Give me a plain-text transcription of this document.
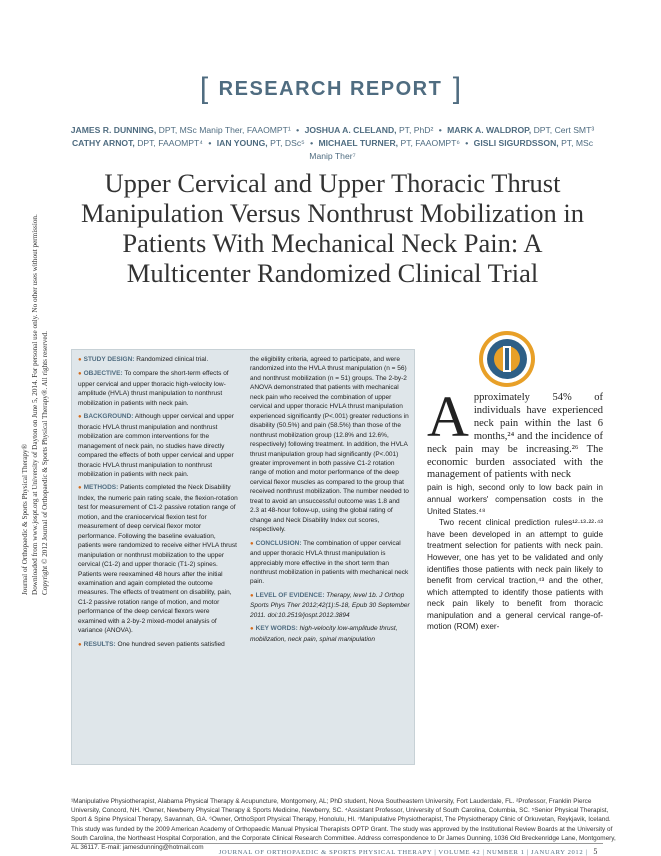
Journal of Orthopaedic & Sports Physical Therapy® Downloaded from www.jospt.org at University of Dayton on June 5, 2014. For personal use only. No other uses without permission. Copyright © 2012 Journal of Orthopaedic & Sports Physical Therapy®. All rights reserved.
[ RESEARCH REPORT ]
JAMES R. DUNNING, DPT, MSc Manip Ther, FAAOMPT¹ • JOSHUA A. CLELAND, PT, PhD² • MARK A. WALDROP, DPT, Cert SMT³
CATHY ARNOT, DPT, FAAOMPT⁴ • IAN YOUNG, PT, DSc⁵ • MICHAEL TURNER, PT, FAAOMPT⁶ • GISLI SIGURDSSON, PT, MSc Manip Ther⁷
Upper Cervical and Upper Thoracic Thrust Manipulation Versus Nonthrust Mobilization in Patients With Mechanical Neck Pain: A Multicenter Randomized Clinical Trial
● STUDY DESIGN: Randomized clinical trial.
● OBJECTIVE: To compare the short-term effects of upper cervical and upper thoracic high-velocity low-amplitude (HVLA) thrust manipulation to nonthrust mobilization in patients with neck pain.
● BACKGROUND: Although upper cervical and upper thoracic HVLA thrust manipulation and nonthrust mobilization are common interventions for the management of neck pain, no studies have directly compared the effects of both upper cervical and upper thoracic HVLA thrust manipulation to nonthrust mobilization in patients with neck pain.
● METHODS: Patients completed the Neck Disability Index, the numeric pain rating scale, the flexion-rotation test for measurement of C1-2 passive rotation range of motion, and the craniocervical flexion test for measurement of deep cervical flexor motor performance. Following the baseline evaluation, patients were randomized to receive either HVLA thrust manipulation or nonthrust mobilization to the upper cervical (C1-2) and upper thoracic (T1-2) spines. Patients were reexamined 48 hours after the initial examination and again completed the outcome measures. The effects of treatment on disability, pain, C1-2 passive rotation range of motion, and motor performance of the deep cervical flexors were examined with a 2-by-2 mixed-model analysis of variance (ANOVA).
● RESULTS: One hundred seven patients satisfied
the eligibility criteria, agreed to participate, and were randomized into the HVLA thrust manipulation (n = 56) and nonthrust mobilization (n = 51) groups. The 2-by-2 ANOVA demonstrated that patients with mechanical neck pain who received the combination of upper cervical and upper thoracic HVLA thrust manipulation experienced significantly (P<.001) greater reductions in disability (50.5%) and pain (58.5%) than those of the nonthrust mobilization group (12.8% and 12.6%, respectively) following treatment. In addition, the HVLA thrust manipulation group had significantly (P<.001) greater improvement in both passive C1-2 rotation range of motion and motor performance of the deep cervical flexor muscles as compared to the group that received nonthrust mobilization. The number needed to treat to avoid an unsuccessful outcome was 1.8 and 2.3 at 48-hour follow-up, using the global rating of change and Neck Disability Index cut scores, respectively.
● CONCLUSION: The combination of upper cervical and upper thoracic HVLA thrust manipulation is appreciably more effective in the short term than nonthrust mobilization in patients with mechanical neck pain.
● LEVEL OF EVIDENCE: Therapy, level 1b. J Orthop Sports Phys Ther 2012;42(1):5-18, Epub 30 September 2011. doi:10.2519/jospt.2012.3894
● KEY WORDS: high-velocity low-amplitude thrust, mobilization, neck pain, spinal manipulation

Approximately 54% of individuals have experienced neck pain within the last 6 months,²⁴ and the incidence of neck pain may be increasing.²⁶ The economic burden associated with the management of patients with neck

pain is high, second only to low back pain in annual workers' compensation costs in the United States.⁴⁸

Two recent clinical prediction rules¹²·¹³·²²·⁴³ have been developed in an attempt to guide treatment selection for patients with neck pain. However, one has yet to be validated and only identifies those patients with neck pain likely to benefit from cervical traction,⁴³ and the other, which attempted to identify those patients with neck pain likely to benefit from thoracic manipulation and a general cervical range-of-motion (ROM) exer-

¹Manipulative Physiotherapist, Alabama Physical Therapy & Acupuncture, Montgomery, AL; PhD student, Nova Southeastern University, Fort Lauderdale, FL. ²Professor, Franklin Pierce University, Concord, NH. ³Owner, Newberry Physical Therapy & Sports Medicine, Newberry, SC. ⁴Assistant Professor, University of South Carolina, Columbia, SC. ⁵Senior Physical Therapist, Sport & Spine Physical Therapy, Savannah, GA. ⁶Owner, OrthoSport Physical Therapy, Honolulu, HI. ⁷Manipulative Physiotherapist, The Physiotherapy Clinic of Orkuvetan, Reykjavik, Iceland. This study was funded by the 2009 American Academy of Orthopaedic Manual Physical Therapists OPTP Grant. The study was approved by the Institutional Review Boards at the University of South Carolina, the Northeast Hospital Corporation, and the Corporate Clinical Research Committee. Address correspondence to Dr James Dunning, 1036 Old Breckenridge Lane, Montgomery, AL 36117. E-mail: jamesdunning@hotmail.com
JOURNAL OF ORTHOPAEDIC & SPORTS PHYSICAL THERAPY | VOLUME 42 | NUMBER 1 | JANUARY 2012 | 5
